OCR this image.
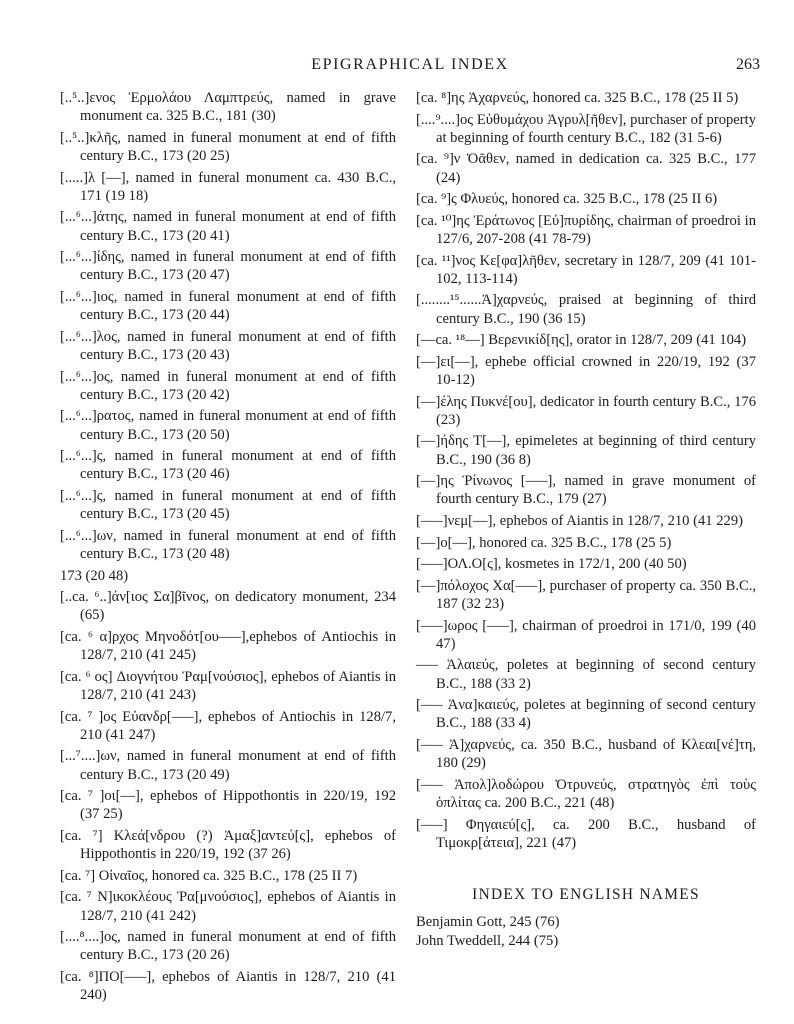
EPIGRAPHICAL INDEX	263
[..⁵..]ενος Ἑρμολάου Λαμπτρεύς, named in grave monument ca. 325 B.C., 181 (30)
[..⁵..]κλῆς, named in funeral monument at end of fifth century B.C., 173 (20 25)
[.....]λ [––], named in funeral monument ca. 430 B.C., 171 (19 18)
[...⁶...]άτης, named in funeral monument at end of fifth century B.C., 173 (20 41)
[...⁶...]ίδης, named in funeral monument at end of fifth century B.C., 173 (20 47)
[...⁶...]ιος, named in funeral monument at end of fifth century B.C., 173 (20 44)
[...⁶...]λος, named in funeral monument at end of fifth century B.C., 173 (20 43)
[...⁶...]ος, named in funeral monument at end of fifth century B.C., 173 (20 42)
[...⁶...]ρατος, named in funeral monument at end of fifth century B.C., 173 (20 50)
[...⁶...]ς, named in funeral monument at end of fifth century B.C., 173 (20 46)
[...⁶...]ς, named in funeral monument at end of fifth century B.C., 173 (20 45)
[...⁶...]ων, named in funeral monument at end of fifth century B.C., 173 (20 48)
173 (20 48)
[..ca. ⁶..]άν[ιος Σα]βῖνος, on dedicatory monument, 234 (65)
[ca. ⁶ α]ρχος Μηνοδότ[ου–––],ephebos of Antiochis in 128/7, 210 (41 245)
[ca. ⁶ ος] Διογνήτου Ῥαμ[νούσιος], ephebos of Aiantis in 128/7, 210 (41 243)
[ca. ⁷ ]ος Εὐανδρ[–––], ephebos of Antiochis in 128/7, 210 (41 247)
[...⁷....]ων, named in funeral monument at end of fifth century B.C., 173 (20 49)
[ca. ⁷ ]οι[––], ephebos of Hippothontis in 220/19, 192 (37 25)
[ca. ⁷] Κλεά[νδρου (?) Ἀμαξ]αντεύ[ς], ephebos of Hippothontis in 220/19, 192 (37 26)
[ca. ⁷] Οἰναῖος, honored ca. 325 B.C., 178 (25 II 7)
[ca. ⁷ N]ικοκλέους Ῥα[μνούσιος], ephebos of Aiantis in 128/7, 210 (41 242)
[....⁸....]ος, named in funeral monument at end of fifth century B.C., 173 (20 26)
[ca. ⁸]ΠΟ[–––], ephebos of Aiantis in 128/7, 210 (41 240)
[ca. ⁸]ης Ἀχαρνεύς, honored ca. 325 B.C., 178 (25 II 5)
[....⁹....]ος Εὐθυμάχου Ἀγρυλ[ῆθεν], purchaser of property at beginning of fourth century B.C., 182 (31 5-6)
[ca. ⁹]ν Ὀᾶθεν, named in dedication ca. 325 B.C., 177 (24)
[ca. ⁹]ς Φλυεύς, honored ca. 325 B.C., 178 (25 II 6)
[ca. ¹⁰]ης Ἐράτωνος [Εὐ]πυρίδης, chairman of proedroi in 127/6, 207-208 (41 78-79)
[ca. ¹¹]νος Κε[φα]λῆθεν, secretary in 128/7, 209 (41 101-102, 113-114)
[........¹⁵......Ἀ]χαρνεύς, praised at beginning of third century B.C., 190 (36 15)
[––ca. ¹⁸––] Βερενικίδ[ης], orator in 128/7, 209 (41 104)
[––]ει[––], ephebe official crowned in 220/19, 192 (37 10-12)
[––]έλης Πυκνέ[ου], dedicator in fourth century B.C., 176 (23)
[––]ήδης Τ[––], epimeletes at beginning of third century B.C., 190 (36 8)
[––]ης Ῥίνωνος [–––], named in grave monument of fourth century B.C., 179 (27)
[–––]νεμ[––], ephebos of Aiantis in 128/7, 210 (41 229)
[––]ο[––], honored ca. 325 B.C., 178 (25 5)
[–––]ΟΛ.Ο[ς], kosmetes in 172/1, 200 (40 50)
[––]πόλοχος Χα[–––], purchaser of property ca. 350 B.C., 187 (32 23)
[–––]ωρος [–––], chairman of proedroi in 171/0, 199 (40 47)
––– Ἁλαιεύς, poletes at beginning of second century B.C., 188 (33 2)
[––– Ἀνα]καιεύς, poletes at beginning of second century B.C., 188 (33 4)
[––– Ἀ]χαρνεύς, ca. 350 B.C., husband of Κλεαι[νέ]τη, 180 (29)
[––– Ἀπολ]λοδώρου Ὀτρυνεύς, στρατηγὸς ἐπὶ τοὺς ὁπλίτας ca. 200 B.C., 221 (48)
[–––] Φηγαιεύ[ς], ca. 200 B.C., husband of Τιμοκρ[άτεια], 221 (47)
INDEX TO ENGLISH NAMES
Benjamin Gott, 245 (76)
John Tweddell, 244 (75)
